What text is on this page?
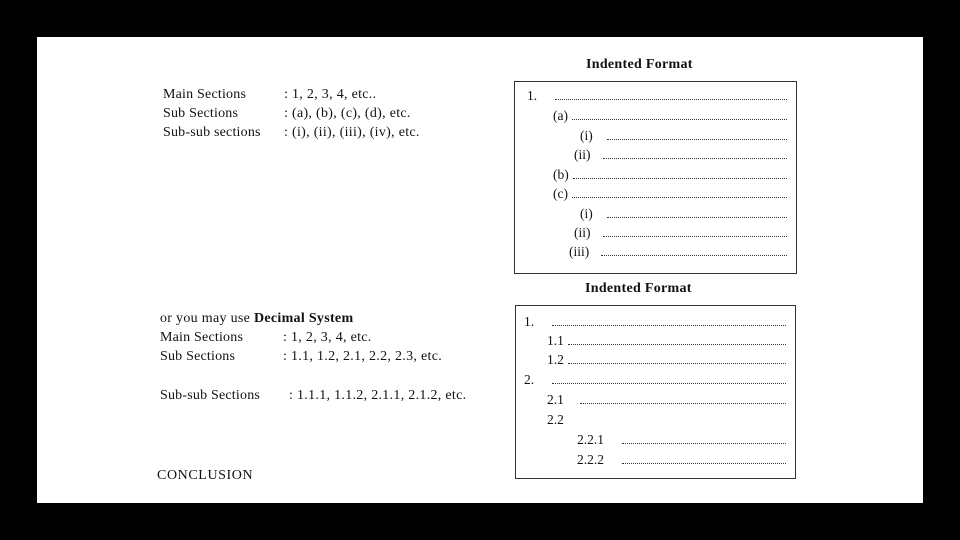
Main Sections	: 1, 2, 3, 4, etc..
Sub Sections	: (a), (b), (c), (d), etc.
Sub-sub sections : (i), (ii), (iii), (iv), etc.
Indented Format
1.
(a)
(i)
(ii)
(b)
(c)
(i)
(ii)
(iii)
or you may use Decimal System
Main Sections	: 1, 2, 3, 4, etc.
Sub Sections	: 1.1, 1.2, 2.1, 2.2, 2.3, etc.
Sub-sub Sections : 1.1.1, 1.1.2, 2.1.1, 2.1.2, etc.
Indented Format
1.
1.1
1.2
2.
2.1
2.2
2.2.1
2.2.2
CONCLUSION
